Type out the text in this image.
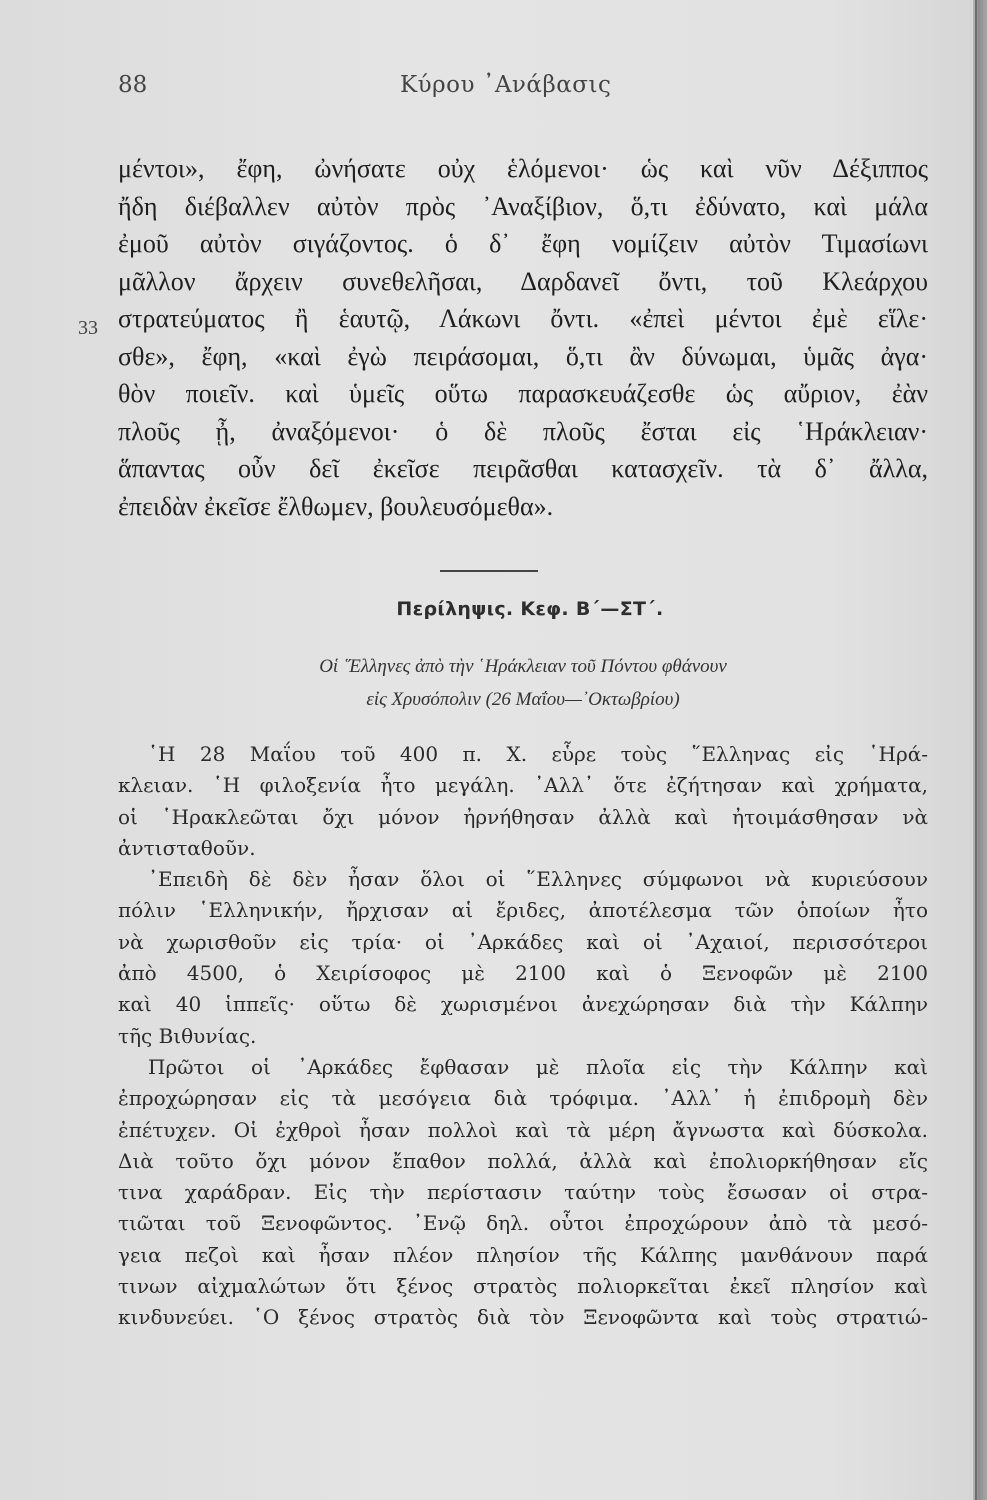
88	Κύρου ᾿Ανάβασις
33
μέντοι», ἔφη, ὠνήσατε οὐχ ἑλόμενοι· ὡς καὶ νῦν Δέξιππος
ἤδη διέβαλλεν αὐτὸν πρὸς ᾿Αναξίβιον, ὅ,τι ἐδύνατο, καὶ μάλα
ἐμοῦ αὐτὸν σιγάζοντος. ὁ δ᾿ ἔφη νομίζειν αὐτὸν Τιμασίωνι
μᾶλλον ἄρχειν συνεθελῆσαι, Δαρδανεῖ ὄντι, τοῦ Κλεάρχου
στρατεύματος ἢ ἑαυτῷ, Λάκωνι ὄντι. «ἐπεὶ μέντοι ἐμὲ εἵλε·
σθε», ἔφη, «καὶ ἐγὼ πειράσομαι, ὅ,τι ἂν δύνωμαι, ὑμᾶς ἀγα·
θὸν ποιεῖν. καὶ ὑμεῖς οὕτω παρασκευάζεσθε ὡς αὔριον, ἐὰν
πλοῦς ᾖ, ἀναξόμενοι· ὁ δὲ πλοῦς ἔσται εἰς ῾Ηράκλειαν·
ἅπαντας οὖν δεῖ ἐκεῖσε πειρᾶσθαι κατασχεῖν. τὰ δ᾿ ἄλλα,
ἐπειδὰν ἐκεῖσε ἔλθωμεν, βουλευσόμεθα».
Περίληψις. Κεφ. Β´—ΣΤ´.
Οἱ ῞Ελληνες ἀπὸ τὴν ῾Ηράκλειαν τοῦ Πόντου φθάνουν
εἰς Χρυσόπολιν (26 Μαΐου—᾿Οκτωβρίου)
῾Η 28 Μαΐου τοῦ 400 π. Χ. εὗρε τοὺς ῞Ελληνας εἰς ῾Ηρά-
κλειαν. ῾Η φιλοξενία ἦτο μεγάλη. ᾿Αλλ᾿ ὅτε ἐζήτησαν καὶ χρήματα,
οἱ ῾Ηρακλεῶται ὄχι μόνον ἠρνήθησαν ἀλλὰ καὶ ἠτοιμάσθησαν νὰ
ἀντισταθοῦν.
᾿Επειδὴ δὲ δὲν ἦσαν ὅλοι οἱ ῞Ελληνες σύμφωνοι νὰ κυριεύσουν
πόλιν ῾Ελληνικήν, ἤρχισαν αἱ ἔριδες, ἀποτέλεσμα τῶν ὁποίων ἦτο
νὰ χωρισθοῦν εἰς τρία· οἱ ᾿Αρκάδες καὶ οἱ ᾿Αχαιοί, περισσότεροι
ἀπὸ 4500, ὁ Χειρίσοφος μὲ 2100 καὶ ὁ Ξενοφῶν μὲ 2100
καὶ 40 ἱππεῖς· οὕτω δὲ χωρισμένοι ἀνεχώρησαν διὰ τὴν Κάλπην
τῆς Βιθυνίας.
Πρῶτοι οἱ ᾿Αρκάδες ἔφθασαν μὲ πλοῖα εἰς τὴν Κάλπην καὶ
ἐπροχώρησαν εἰς τὰ μεσόγεια διὰ τρόφιμα. ᾿Αλλ᾿ ἡ ἐπιδρομὴ δὲν
ἐπέτυχεν. Οἱ ἐχθροὶ ἦσαν πολλοὶ καὶ τὰ μέρη ἄγνωστα καὶ δύσκολα.
Διὰ τοῦτο ὄχι μόνον ἔπαθον πολλά, ἀλλὰ καὶ ἐπολιορκήθησαν εἴς
τινα χαράδραν. Εἰς τὴν περίστασιν ταύτην τοὺς ἔσωσαν οἱ στρα-
τιῶται τοῦ Ξενοφῶντος. ᾿Ενῷ δηλ. οὗτοι ἐπροχώρουν ἀπὸ τὰ μεσό-
γεια πεζοὶ καὶ ἦσαν πλέον πλησίον τῆς Κάλπης μανθάνουν παρά
τινων αἰχμαλώτων ὅτι ξένος στρατὸς πολιορκεῖται ἐκεῖ πλησίον καὶ
κινδυνεύει. ῾Ο ξένος στρατὸς διὰ τὸν Ξενοφῶντα καὶ τοὺς στρατιώ-
